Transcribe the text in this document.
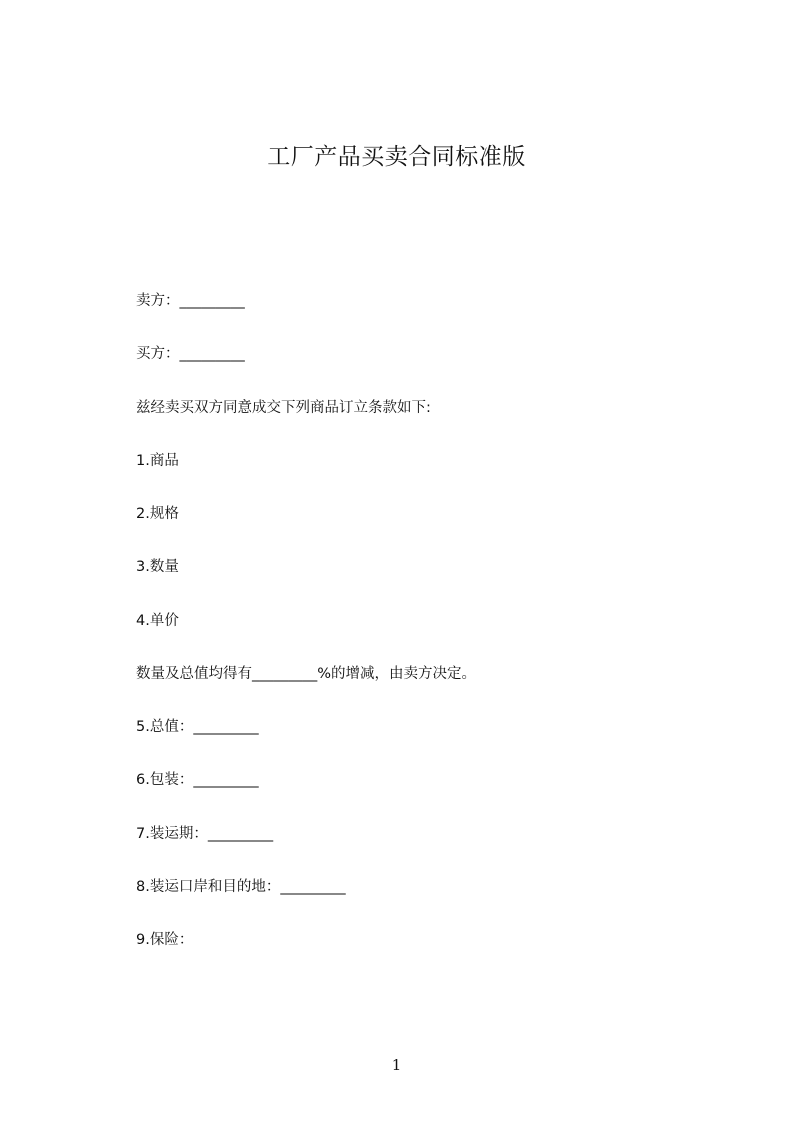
工厂产品买卖合同标准版

卖方：_________

买方：_________

兹经卖买双方同意成交下列商品订立条款如下:

1.商品

2.规格

3.数量

4.单价

数量及总值均得有_________%的增减，由卖方决定。

5.总值：_________

6.包装：_________

7.装运期：_________

8.装运口岸和目的地：_________

9.保险：

1
